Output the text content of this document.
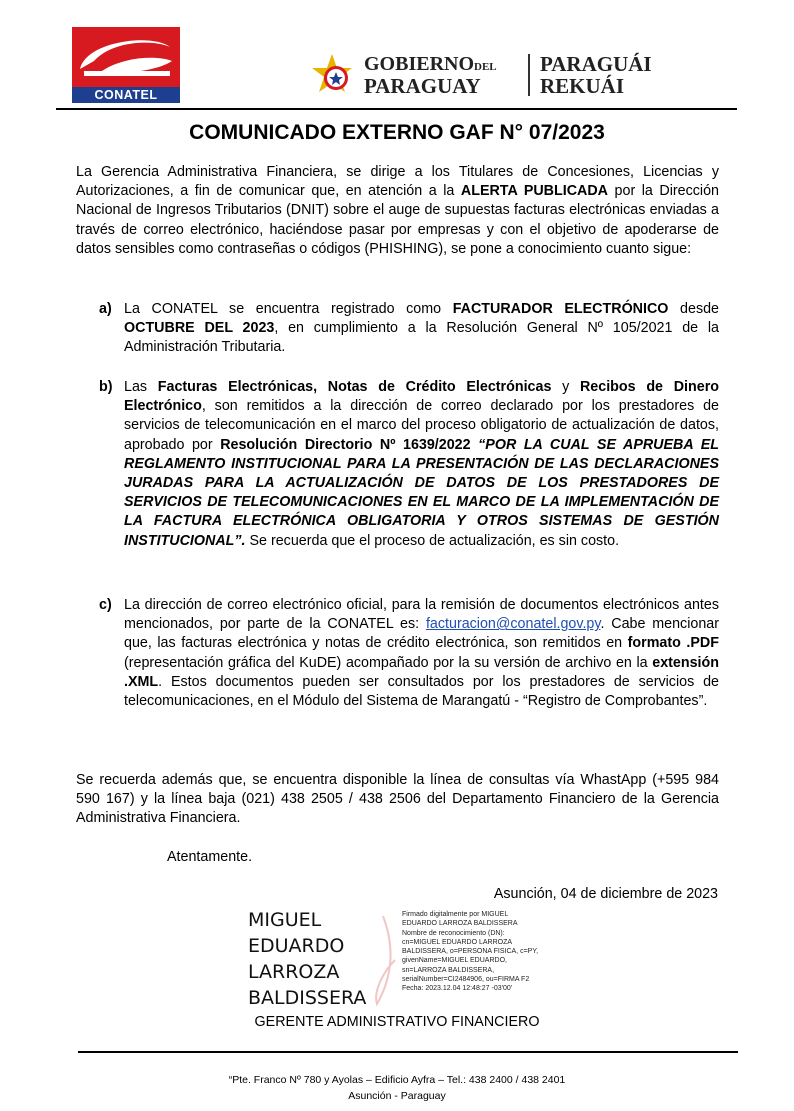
CONATEL
GOBIERNODEL
PARAGUAY
PARAGUÁI
REKUÁI
COMUNICADO EXTERNO GAF N° 07/2023

La Gerencia Administrativa Financiera, se dirige a los Titulares de Concesiones, Licencias y Autorizaciones, a fin de comunicar que, en atención a la ALERTA PUBLICADA por la Dirección Nacional de Ingresos Tributarios (DNIT) sobre el auge de supuestas facturas electrónicas enviadas a través de correo electrónico, haciéndose pasar por empresas y con el objetivo de apoderarse de datos sensibles como contraseñas o códigos (PHISHING), se pone a conocimiento cuanto sigue:

a) La CONATEL se encuentra registrado como FACTURADOR ELECTRÓNICO desde OCTUBRE DEL 2023, en cumplimiento a la Resolución General Nº 105/2021 de la Administración Tributaria.
b) Las Facturas Electrónicas, Notas de Crédito Electrónicas y Recibos de Dinero Electrónico, son remitidos a la dirección de correo declarado por los prestadores de servicios de telecomunicación en el marco del proceso obligatorio de actualización de datos, aprobado por Resolución Directorio Nº 1639/2022 “POR LA CUAL SE APRUEBA EL REGLAMENTO INSTITUCIONAL PARA LA PRESENTACIÓN DE LAS DECLARACIONES JURADAS PARA LA ACTUALIZACIÓN DE DATOS DE LOS PRESTADORES DE SERVICIOS DE TELECOMUNICACIONES EN EL MARCO DE LA IMPLEMENTACIÓN DE LA FACTURA ELECTRÓNICA OBLIGATORIA Y OTROS SISTEMAS DE GESTIÓN INSTITUCIONAL”. Se recuerda que el proceso de actualización, es sin costo.
c) La dirección de correo electrónico oficial, para la remisión de documentos electrónicos antes mencionados, por parte de la CONATEL es: facturacion@conatel.gov.py. Cabe mencionar que, las facturas electrónica y notas de crédito electrónica, son remitidos en formato .PDF (representación gráfica del KuDE) acompañado por la su versión de archivo en la extensión .XML. Estos documentos pueden ser consultados por los prestadores de servicios de telecomunicaciones, en el Módulo del Sistema de Marangatú - “Registro de Comprobantes”.

Se recuerda además que, se encuentra disponible la línea de consultas vía WhastApp (+595 984 590 167) y la línea baja (021) 438 2505 / 438 2506 del Departamento Financiero de la Gerencia Administrativa Financiera.

Atentamente.
Asunción, 04 de diciembre de 2023
MIGUEL
EDUARDO
LARROZA
BALDISSERA
Firmado digitalmente por MIGUEL
EDUARDO LARROZA BALDISSERA
Nombre de reconocimiento (DN):
cn=MIGUEL EDUARDO LARROZA
BALDISSERA, o=PERSONA FISICA, c=PY,
givenName=MIGUEL EDUARDO,
sn=LARROZA BALDISSERA,
serialNumber=CI2484906, ou=FIRMA F2
Fecha: 2023.12.04 12:48:27 -03'00'
GERENTE ADMINISTRATIVO FINANCIERO
“Pte. Franco Nº 780 y Ayolas – Edificio Ayfra – Tel.: 438 2400 / 438 2401
Asunción - Paraguay
